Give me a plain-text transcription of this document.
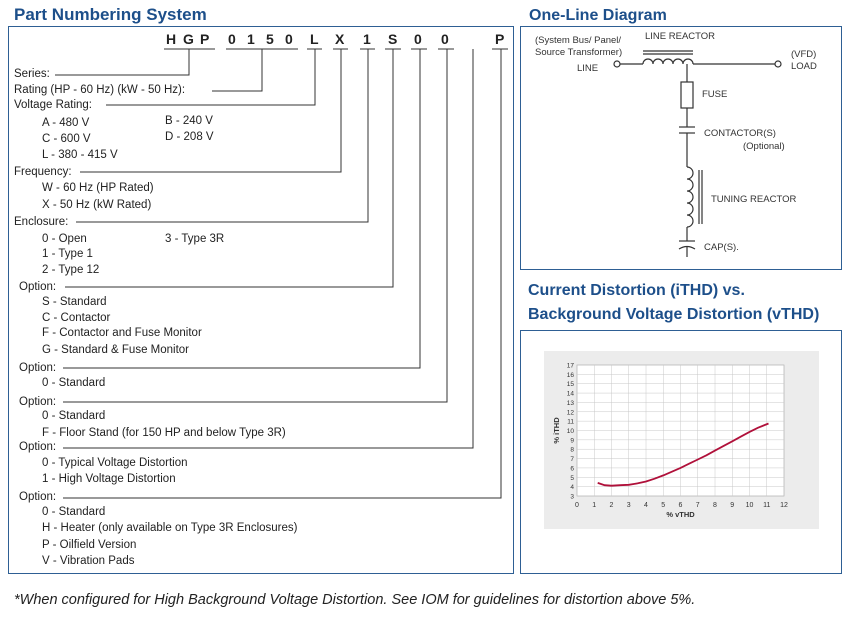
Part Numbering System
H G P 0 1 5 0 L X 1 S 0 0	P
Series:
Rating (HP - 60 Hz) (kW - 50 Hz):
Voltage Rating:
A - 480 V
C - 600 V
L - 380 - 415 V
B - 240 V
D - 208 V
Frequency:
W - 60 Hz (HP Rated)
X - 50 Hz (kW Rated)
Enclosure:
0 - Open
1 - Type 1
2 - Type 12
3 - Type 3R
Option:
S - Standard
C - Contactor
F - Contactor and Fuse Monitor
G - Standard & Fuse Monitor
Option:
0 - Standard
Option:
0 - Standard
F - Floor Stand (for 150 HP and below Type 3R)
Option:
0 - Typical Voltage Distortion
1 - High Voltage Distortion
Option:
0 - Standard
H - Heater (only available on Type 3R Enclosures)
P - Oilfield Version
V - Vibration Pads
One-Line Diagram
(System Bus/ Panel/
Source Transformer)
LINE
LINE REACTOR
(VFD)
LOAD
FUSE
CONTACTOR(S)
(Optional)
TUNING REACTOR
CAP(S).
Current Distortion (iTHD) vs.
Background Voltage Distortion (vTHD)
0 1 2 3 4 5 6 7 8 9 10 11 12
3
4
5
6
7
8
9
10
11
12
13
14
15
16
17
% vTHD
% iTHD
*When configured for High Background Voltage Distortion. See IOM for guidelines for distortion above 5%.
